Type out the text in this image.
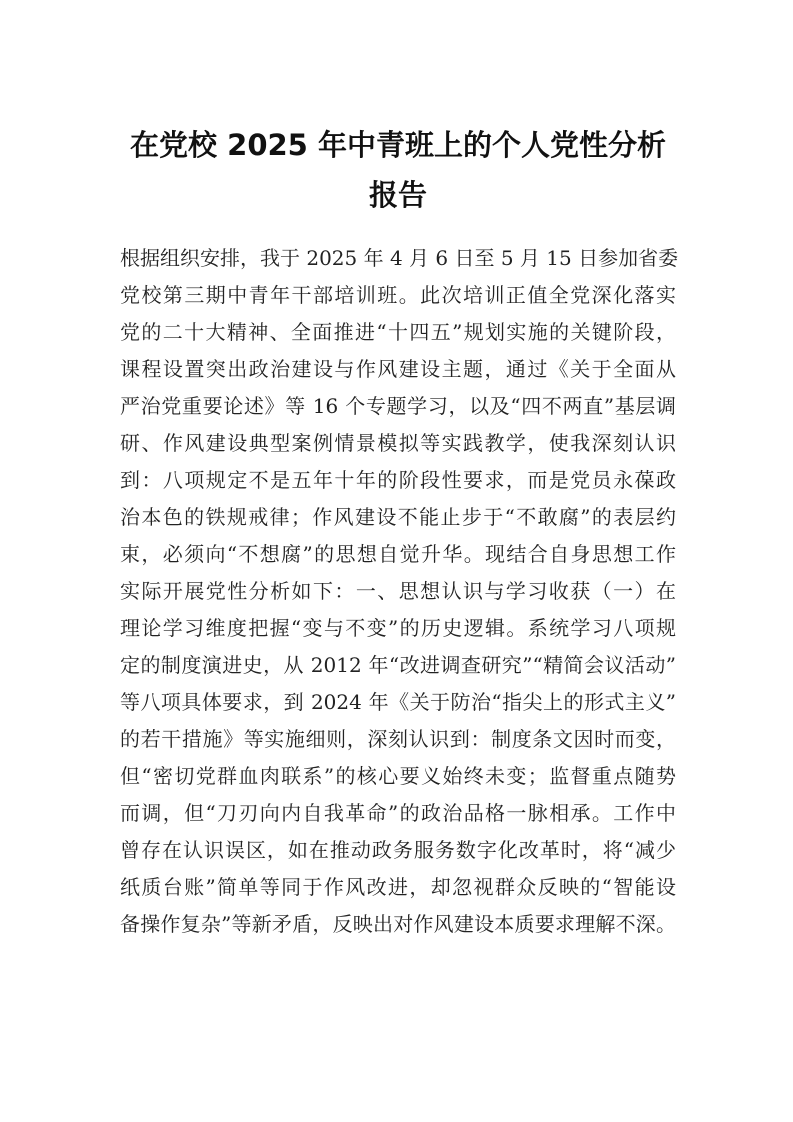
在党校 2025 年中青班上的个人党性分析报告
根据组织安排，我于 2025 年 4 月 6 日至 5 月 15 日参加省委
党校第三期中青年干部培训班。此次培训正值全党深化落实
党的二十大精神、全面推进“十四五”规划实施的关键阶段，
课程设置突出政治建设与作风建设主题，通过《关于全面从
严治党重要论述》等 16 个专题学习，以及“四不两直”基层调
研、作风建设典型案例情景模拟等实践教学，使我深刻认识
到：八项规定不是五年十年的阶段性要求，而是党员永葆政
治本色的铁规戒律；作风建设不能止步于“不敢腐”的表层约
束，必须向“不想腐”的思想自觉升华。现结合自身思想工作
实际开展党性分析如下：一、思想认识与学习收获（一）在
理论学习维度把握“变与不变”的历史逻辑。系统学习八项规
定的制度演进史，从 2012 年“改进调查研究”“精简会议活动”
等八项具体要求，到 2024 年《关于防治“指尖上的形式主义”
的若干措施》等实施细则，深刻认识到：制度条文因时而变，
但“密切党群血肉联系”的核心要义始终未变；监督重点随势
而调，但“刀刃向内自我革命”的政治品格一脉相承。工作中
曾存在认识误区，如在推动政务服务数字化改革时，将“减少
纸质台账”简单等同于作风改进，却忽视群众反映的“智能设
备操作复杂”等新矛盾，反映出对作风建设本质要求理解不深。
